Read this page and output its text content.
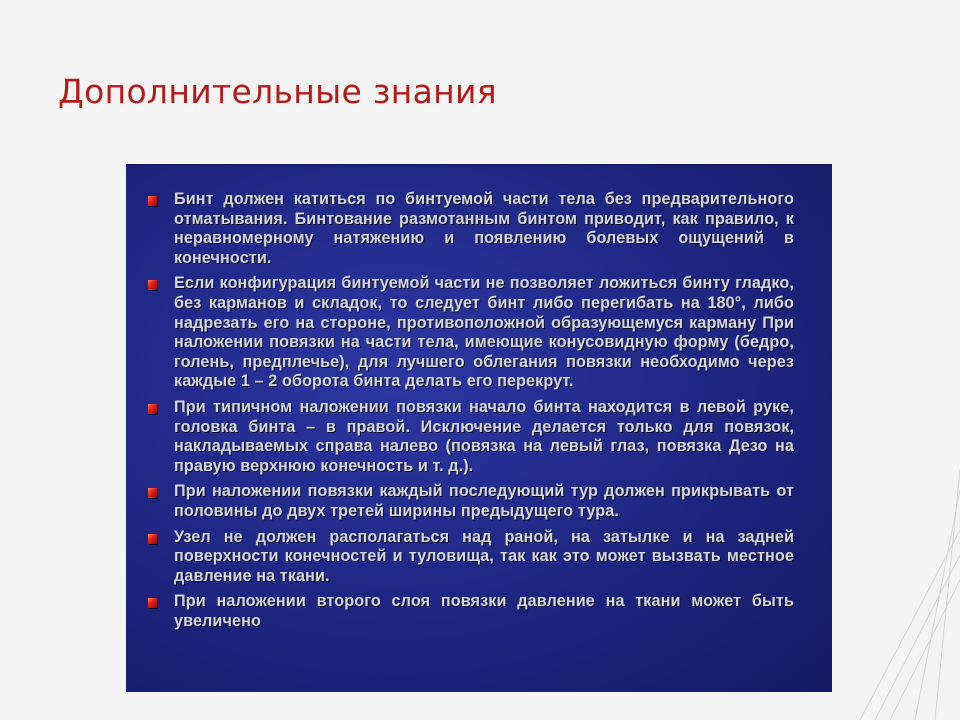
Дополнительные знания
Бинт должен катиться по бинтуемой части тела без предварительного отматывания. Бинтование размотанным бинтом приводит, как правило, к неравномерному натяжению и появлению болевых ощущений в конечности.
Если конфигурация бинтуемой части не позволяет ложиться бинту гладко, без карманов и складок, то следует бинт либо перегибать на 180°, либо надрезать его на стороне, противоположной образующемуся карману При наложении повязки на части тела, имеющие конусовидную форму (бедро, голень, предплечье), для лучшего облегания повязки необходимо через каждые 1 – 2 оборота бинта делать его перекрут.
При типичном наложении повязки начало бинта находится в левой руке, головка бинта – в правой. Исключение делается только для повязок, накладываемых справа налево (повязка на левый глаз, повязка Дезо на правую верхнюю конечность и т. д.).
При наложении повязки каждый последующий тур должен прикрывать от половины до двух третей ширины предыдущего тура.
Узел не должен располагаться над раной, на затылке и на задней поверхности конечностей и туловища, так как это может вызвать местное давление на ткани.
При наложении второго слоя повязки давление на ткани может быть увеличено
